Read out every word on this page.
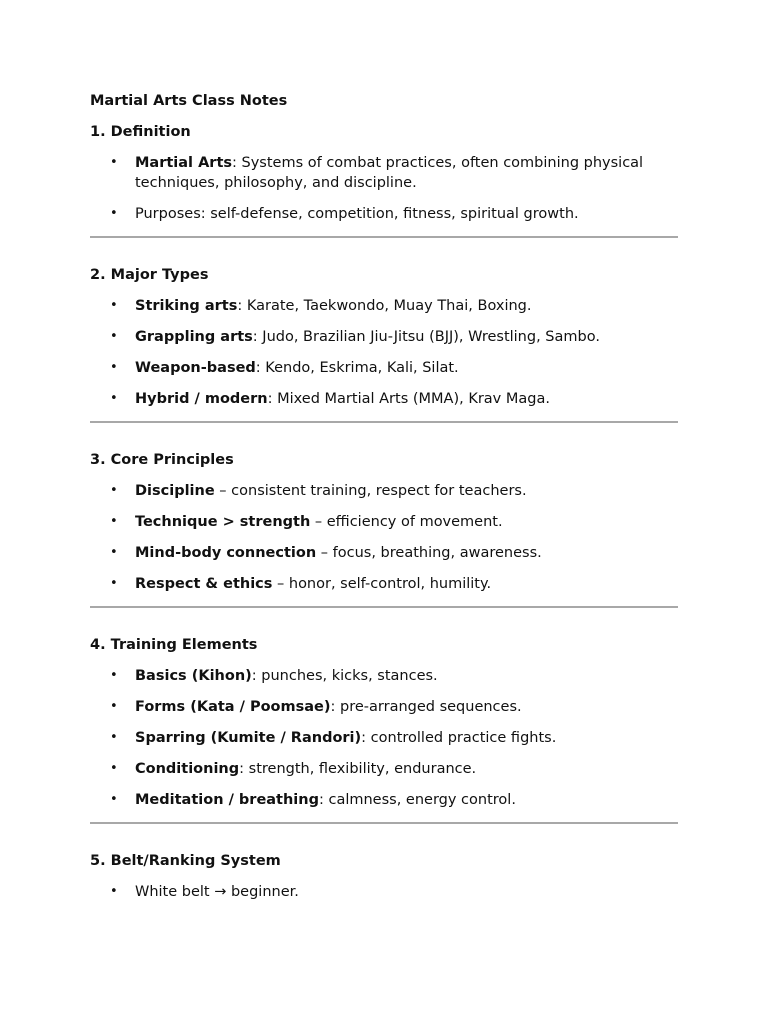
Martial Arts Class Notes
1. Definition
• Martial Arts: Systems of combat practices, often combining physical techniques, philosophy, and discipline.
• Purposes: self-defense, competition, fitness, spiritual growth.
2. Major Types
• Striking arts: Karate, Taekwondo, Muay Thai, Boxing.
• Grappling arts: Judo, Brazilian Jiu-Jitsu (BJJ), Wrestling, Sambo.
• Weapon-based: Kendo, Eskrima, Kali, Silat.
• Hybrid / modern: Mixed Martial Arts (MMA), Krav Maga.
3. Core Principles
• Discipline – consistent training, respect for teachers.
• Technique > strength – efficiency of movement.
• Mind-body connection – focus, breathing, awareness.
• Respect & ethics – honor, self-control, humility.
4. Training Elements
• Basics (Kihon): punches, kicks, stances.
• Forms (Kata / Poomsae): pre-arranged sequences.
• Sparring (Kumite / Randori): controlled practice fights.
• Conditioning: strength, flexibility, endurance.
• Meditation / breathing: calmness, energy control.
5. Belt/Ranking System
• White belt → beginner.
